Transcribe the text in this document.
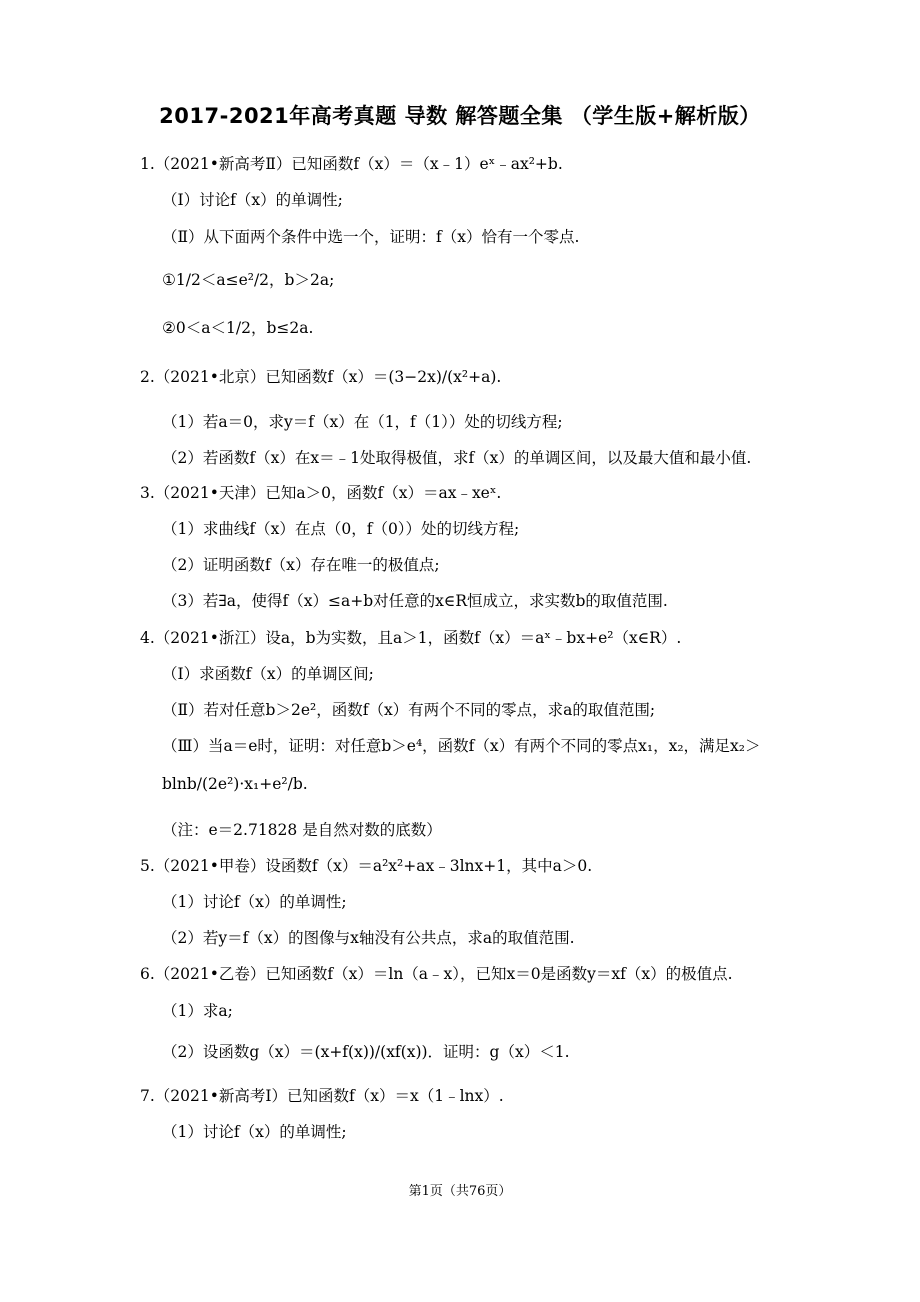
2017-2021年高考真题 导数 解答题全集 （学生版+解析版）
1.（2021•新高考Ⅱ）已知函数f（x）＝（x﹣1）eˣ﹣ax²+b.
（Ⅰ）讨论f（x）的单调性;
（Ⅱ）从下面两个条件中选一个，证明：f（x）恰有一个零点.
①1/2＜a≤e²/2，b＞2a;
②0＜a＜1/2，b≤2a.
2.（2021•北京）已知函数f（x）＝(3−2x)/(x²+a).
（1）若a＝0，求y＝f（x）在（1，f（1））处的切线方程;
（2）若函数f（x）在x＝﹣1处取得极值，求f（x）的单调区间，以及最大值和最小值.
3.（2021•天津）已知a＞0，函数f（x）＝ax﹣xeˣ.
（1）求曲线f（x）在点（0，f（0））处的切线方程;
（2）证明函数f（x）存在唯一的极值点;
（3）若∃a，使得f（x）≤a+b对任意的x∈R恒成立，求实数b的取值范围.
4.（2021•浙江）设a，b为实数，且a＞1，函数f（x）＝aˣ﹣bx+e²（x∈R）.
（Ⅰ）求函数f（x）的单调区间;
（Ⅱ）若对任意b＞2e²，函数f（x）有两个不同的零点，求a的取值范围;
（Ⅲ）当a＝e时，证明：对任意b＞e⁴，函数f（x）有两个不同的零点x₁，x₂，满足x₂＞
blnb/(2e²)·x₁+e²/b.
（注：e＝2.71828 是自然对数的底数）
5.（2021•甲卷）设函数f（x）＝a²x²+ax﹣3lnx+1，其中a＞0.
（1）讨论f（x）的单调性;
（2）若y＝f（x）的图像与x轴没有公共点，求a的取值范围.
6.（2021•乙卷）已知函数f（x）＝ln（a﹣x），已知x＝0是函数y＝xf（x）的极值点.
（1）求a;
（2）设函数g（x）＝(x+f(x))/(xf(x))．证明：g（x）＜1.
7.（2021•新高考Ⅰ）已知函数f（x）＝x（1﹣lnx）.
（1）讨论f（x）的单调性;
第1页（共76页）
